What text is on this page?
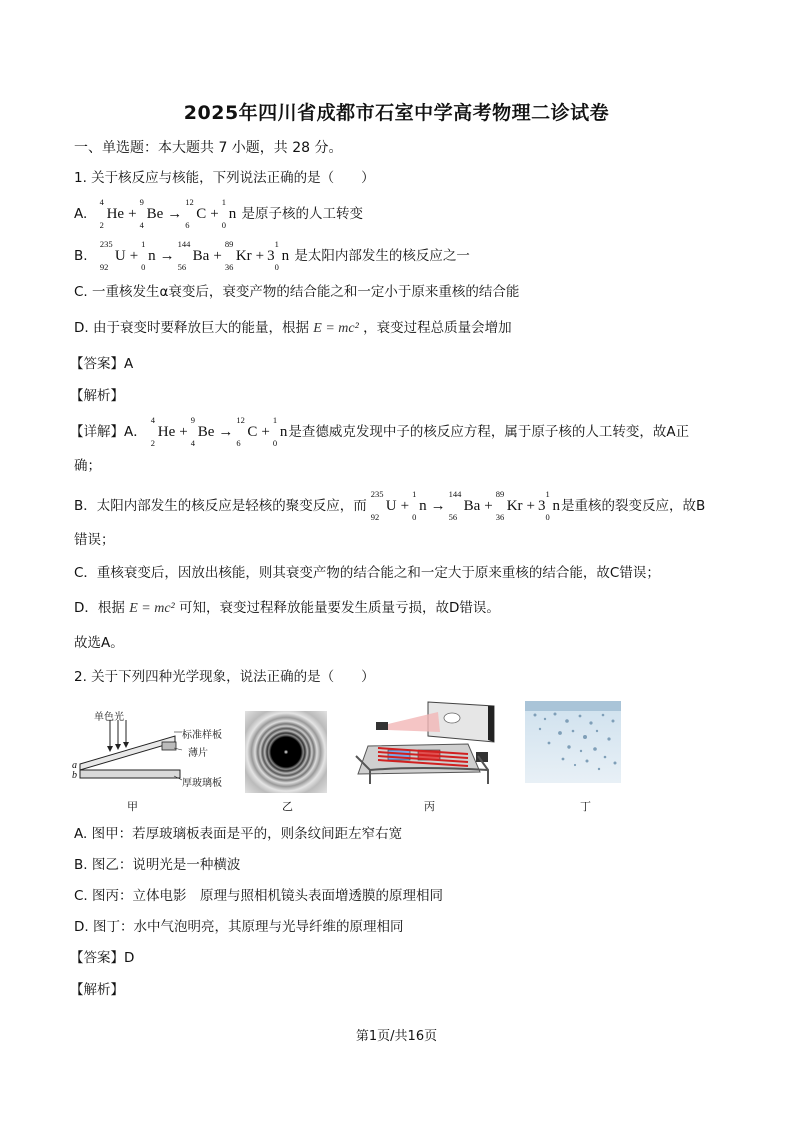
2025年四川省成都市石室中学高考物理二诊试卷
一、单选题：本大题共 7 小题，共 28 分。
1. 关于核反应与核能，下列说法正确的是（　　）
A.
4
2
He +
9
4
Be →
12
6
C +
1
0
n 是原子核的人工转变
B.
235
92
U +
1
0
n →
144
56
Ba +
89
36
Kr + 3
1
0
n 是太阳内部发生的核反应之一
C. 一重核发生α衰变后，衰变产物的结合能之和一定小于原来重核的结合能
D. 由于衰变时要释放巨大的能量，根据 E = mc² ，衰变过程总质量会增加
【答案】A
【解析】
【详解】A．
4
2
He +
9
4
Be →
12
6
C +
1
0
n是查德威克发现中子的核反应方程，属于原子核的人工转变，故A正
确；
B．太阳内部发生的核反应是轻核的聚变反应，而
235
92
U +
1
0
n →
144
56
Ba +
89
36
Kr + 3
1
0
n是重核的裂变反应，故B
错误；
C．重核衰变后，因放出核能，则其衰变产物的结合能之和一定大于原来重核的结合能，故C错误；
D．根据 E = mc² 可知，衰变过程释放能量要发生质量亏损，故D错误。
故选A。
2. 关于下列四种光学现象，说法正确的是（　　）
单色光
标准样板
薄片
厚玻璃板
a
b
甲	乙	丙	丁
A. 图甲：若厚玻璃板表面是平的，则条纹间距左窄右宽
B. 图乙：说明光是一种横波
C. 图丙：立体电影　原理与照相机镜头表面增透膜的原理相同
D. 图丁：水中气泡明亮，其原理与光导纤维的原理相同
【答案】D
【解析】
第1页/共16页
